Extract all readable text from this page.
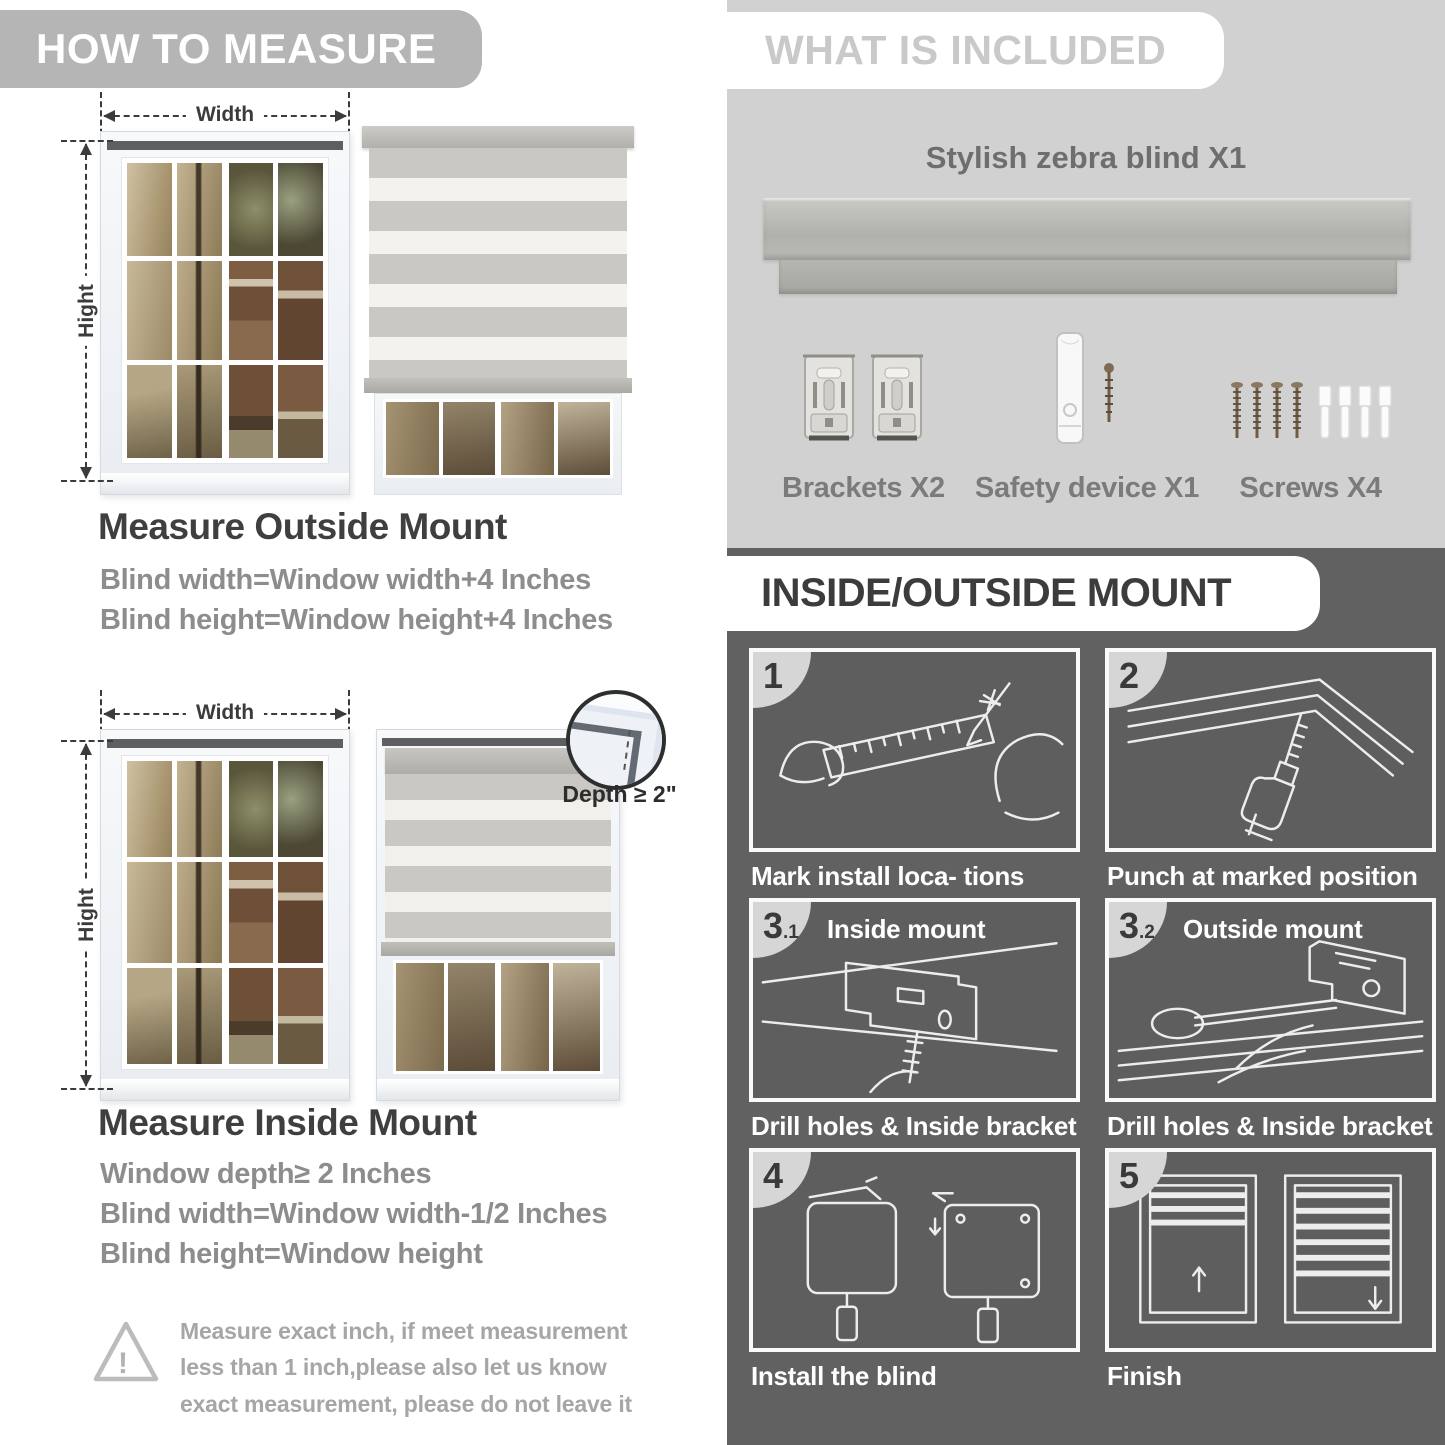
HOW TO MEASURE
Width
Hight
Measure Outside Mount
Blind width=Window width+4 Inches
Blind height=Window height+4 Inches
Width
Hight
Depth ≥ 2"
Measure Inside Mount
Window depth≥ 2 Inches
Blind width=Window width-1/2 Inches
Blind height=Window height
!
Measure exact inch, if meet measurement less than 1 inch,please also let us know exact measurement, please do not leave it
WHAT IS INCLUDED
Stylish zebra blind X1
Brackets X2 Safety device X1 Screws X4
INSIDE/OUTSIDE MOUNT
1
Mark install loca- tions
2
Punch at marked position
3.1	Inside mount
Drill holes & Inside bracket
3.2	Outside mount
Drill holes & Inside bracket
4
Install the blind
5
Finish
